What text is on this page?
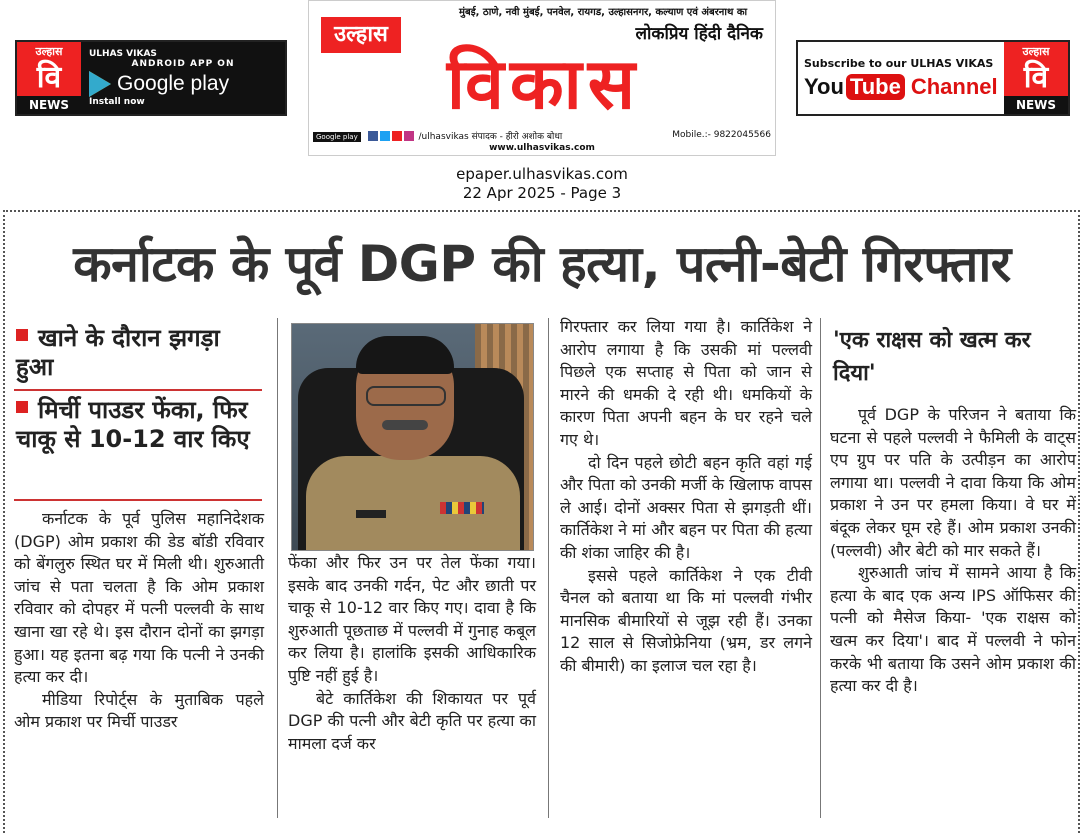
उल्हास
वि
NEWS
ULHAS VIKAS
ANDROID APP ON
Google play
Install now
मुंबई, ठाणे, नवी मुंबई, पनवेल, रायगड, उल्हासनगर, कल्याण एवं अंबरनाथ का
लोकप्रिय हिंदी दैनिक
उल्हास
विकास
Google play	/ulhasvikas संपादक - हीरो अशोक बोधा	Mobile.:- 9822045566
www.ulhasvikas.com
Subscribe to our ULHAS VIKAS
You Tube Channel
उल्हास
वि
NEWS
epaper.ulhasvikas.com
22 Apr 2025 - Page 3
कर्नाटक के पूर्व DGP की हत्या, पत्नी-बेटी गिरफ्तार
खाने के दौरान झगड़ा हुआ
मिर्ची पाउडर फेंका, फिर चाकू से 10-12 वार किए

कर्नाटक के पूर्व पुलिस महानिदेशक (DGP) ओम प्रकाश की डेड बॉडी रविवार को बेंगलुरु स्थित घर में मिली थी। शुरुआती जांच से पता चलता है कि ओम प्रकाश रविवार को दोपहर में पत्नी पल्लवी के साथ खाना खा रहे थे। इस दौरान दोनों का झगड़ा हुआ। यह इतना बढ़ गया कि पत्नी ने उनकी हत्या कर दी।

मीडिया रिपोर्ट्स के मुताबिक पहले ओम प्रकाश पर मिर्ची पाउडर

फेंका और फिर उन पर तेल फेंका गया। इसके बाद उनकी गर्दन, पेट और छाती पर चाकू से 10-12 वार किए गए। दावा है कि शुरुआती पूछताछ में पल्लवी में गुनाह कबूल कर लिया है। हालांकि इसकी आधिकारिक पुष्टि नहीं हुई है।

बेटे कार्तिकेश की शिकायत पर पूर्व DGP की पत्नी और बेटी कृति पर हत्या का मामला दर्ज कर

गिरफ्तार कर लिया गया है। कार्तिकेश ने आरोप लगाया है कि उसकी मां पल्लवी पिछले एक सप्ताह से पिता को जान से मारने की धमकी दे रही थी। धमकियों के कारण पिता अपनी बहन के घर रहने चले गए थे।

दो दिन पहले छोटी बहन कृति वहां गई और पिता को उनकी मर्जी के खिलाफ वापस ले आई। दोनों अक्सर पिता से झगड़ती थीं। कार्तिकेश ने मां और बहन पर पिता की हत्या की शंका जाहिर की है।

इससे पहले कार्तिकेश ने एक टीवी चैनल को बताया था कि मां पल्लवी गंभीर मानसिक बीमारियों से जूझ रही हैं। उनका 12 साल से सिजोफ्रेनिया (भ्रम, डर लगने की बीमारी) का इलाज चल रहा है।

'एक राक्षस को खत्म कर दिया'

पूर्व DGP के परिजन ने बताया कि घटना से पहले पल्लवी ने फैमिली के वाट्स एप ग्रुप पर पति के उत्पीड़न का आरोप लगाया था। पल्लवी ने दावा किया कि ओम प्रकाश ने उन पर हमला किया। वे घर में बंदूक लेकर घूम रहे हैं। ओम प्रकाश उनकी (पल्लवी) और बेटी को मार सकते हैं।

शुरुआती जांच में सामने आया है कि हत्या के बाद एक अन्य IPS ऑफिसर की पत्नी को मैसेज किया- 'एक राक्षस को खत्म कर दिया'। बाद में पल्लवी ने फोन करके भी बताया कि उसने ओम प्रकाश की हत्या कर दी है।
